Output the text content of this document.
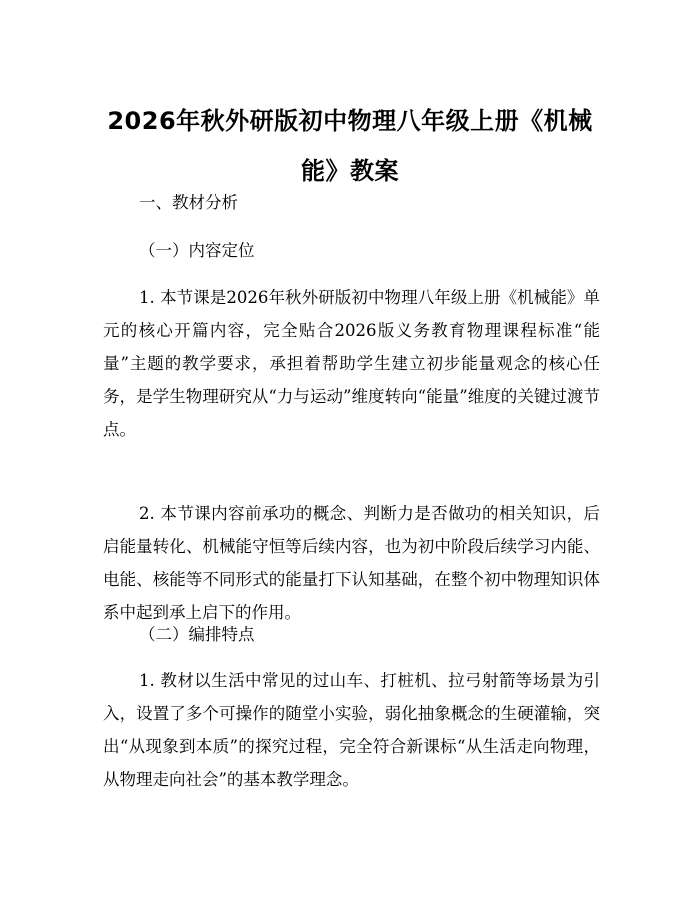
2026年秋外研版初中物理八年级上册《机械能》教案

一、教材分析

（一）内容定位

1. 本节课是2026年秋外研版初中物理八年级上册《机械能》单元的核心开篇内容，完全贴合2026版义务教育物理课程标准“能量”主题的教学要求，承担着帮助学生建立初步能量观念的核心任务，是学生物理研究从“力与运动”维度转向“能量”维度的关键过渡节点。

2. 本节课内容前承功的概念、判断力是否做功的相关知识，后启能量转化、机械能守恒等后续内容，也为初中阶段后续学习内能、电能、核能等不同形式的能量打下认知基础，在整个初中物理知识体系中起到承上启下的作用。

（二）编排特点

1. 教材以生活中常见的过山车、打桩机、拉弓射箭等场景为引入，设置了多个可操作的随堂小实验，弱化抽象概念的生硬灌输，突出“从现象到本质”的探究过程，完全符合新课标“从生活走向物理，从物理走向社会”的基本教学理念。
